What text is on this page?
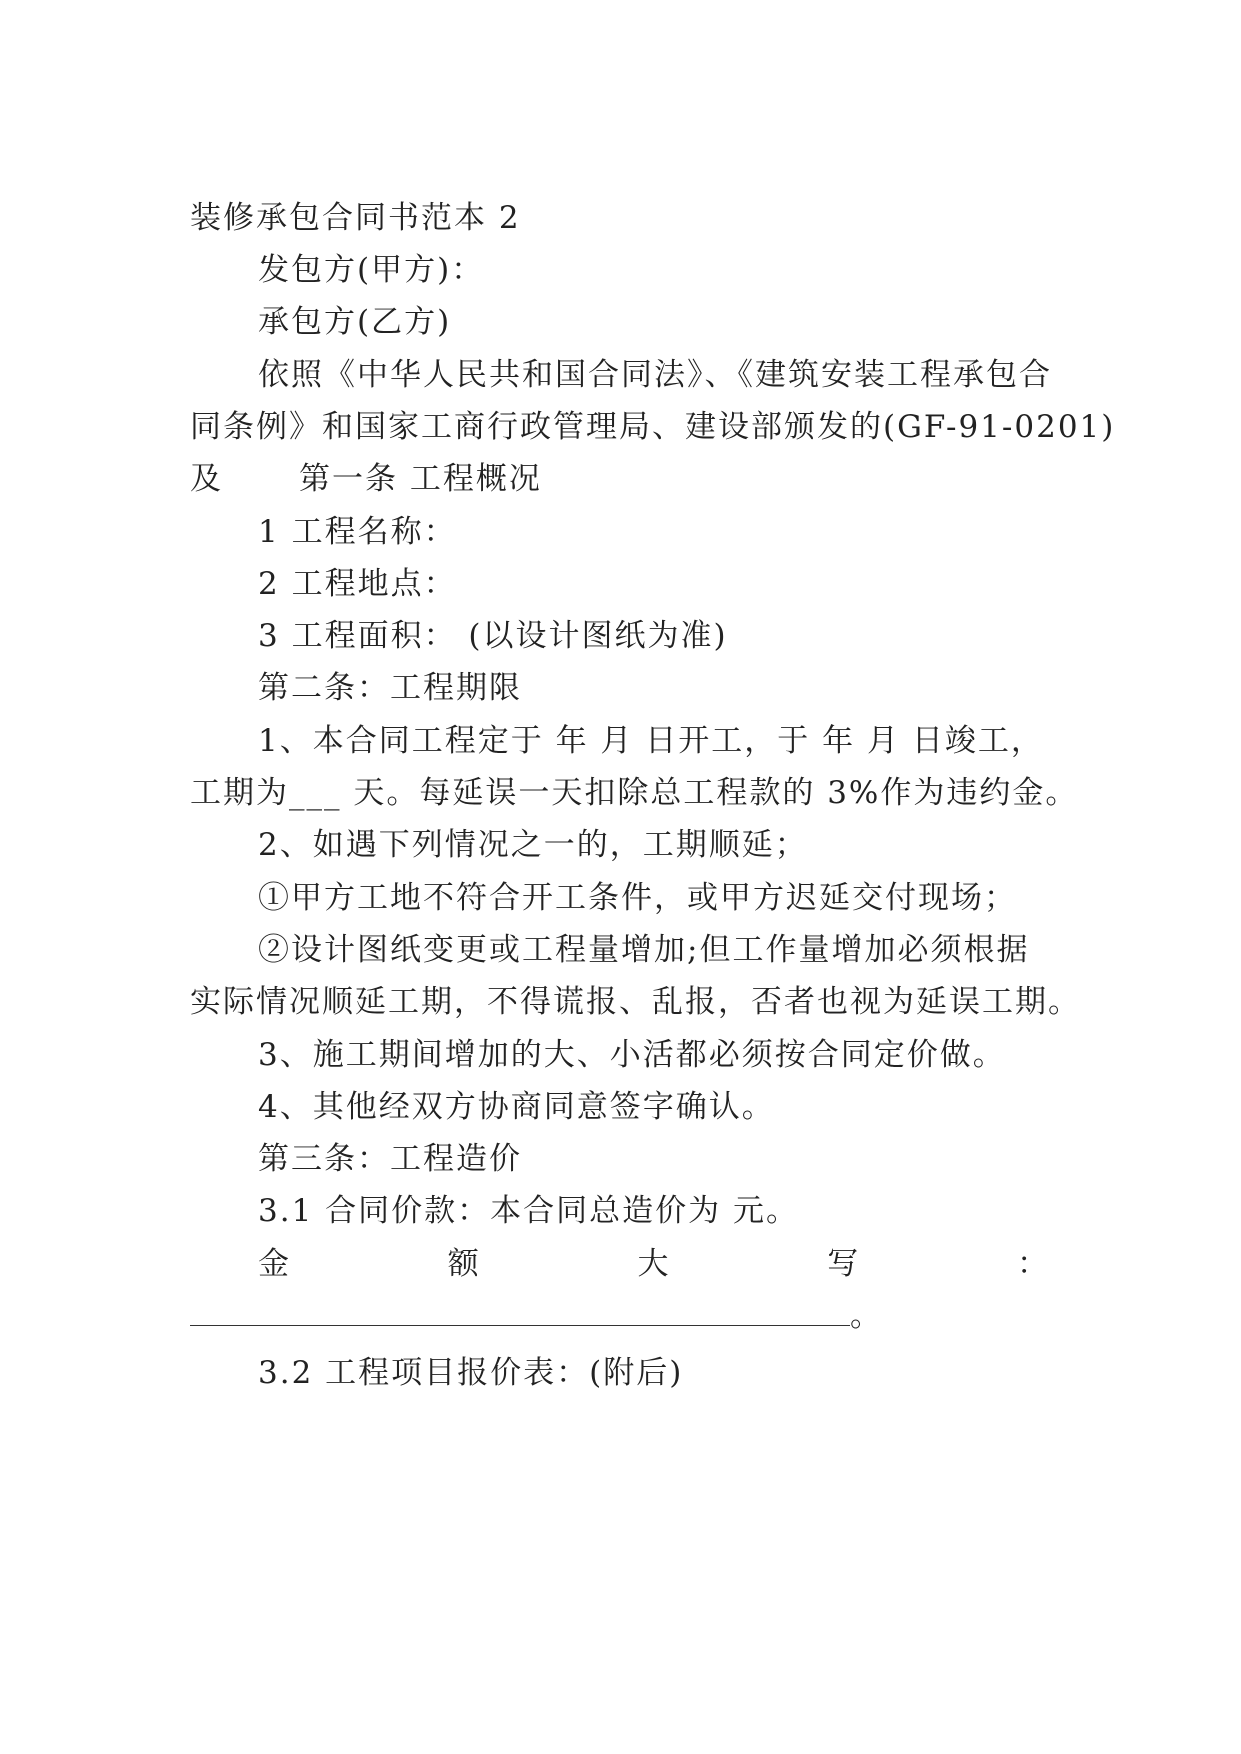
装修承包合同书范本 2
发包方(甲方)：
承包方(乙方)
依照《中华人民共和国合同法》、《建筑安装工程承包合
同条例》和国家工商行政管理局、建设部颁发的(GF-91-0201)
及 第一条 工程概况
1 工程名称：
2 工程地点：
3 工程面积： (以设计图纸为准)
第二条：工程期限
1、本合同工程定于 年 月 日开工，于 年 月 日竣工，
工期为___ 天。每延误一天扣除总工程款的 3%作为违约金。
2、如遇下列情况之一的，工期顺延；
①甲方工地不符合开工条件，或甲方迟延交付现场；
②设计图纸变更或工程量增加;但工作量增加必须根据
实际情况顺延工期，不得谎报、乱报，否者也视为延误工期。
3、施工期间增加的大、小活都必须按合同定价做。
4、其他经双方协商同意签字确认。
第三条：工程造价
3.1 合同价款：本合同总造价为 元。
金	额	大	写	：
。
3.2 工程项目报价表：(附后)
